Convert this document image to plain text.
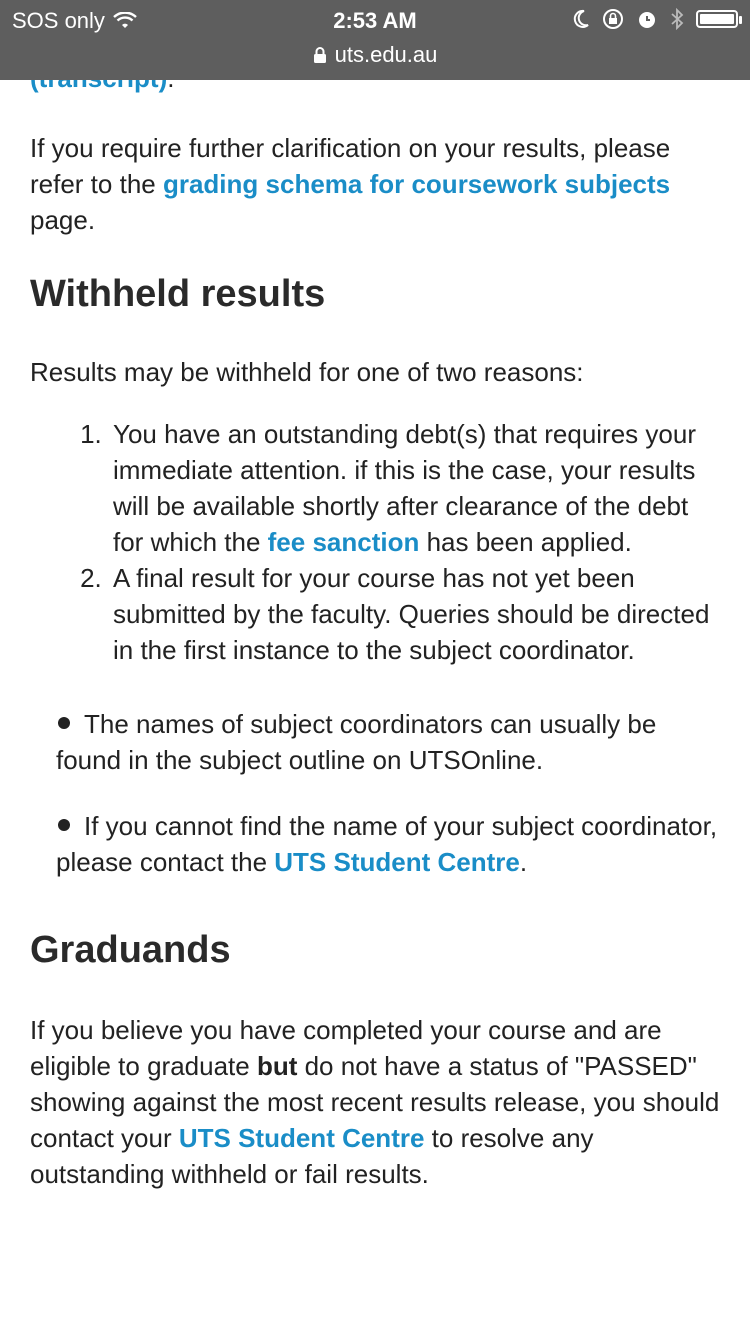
SOS only	2:53 AM
uts.edu.au

If you require further clarification on your results, please refer to the grading schema for coursework subjects page.

Withheld results

Results may be withheld for one of two reasons:

1. You have an outstanding debt(s) that requires your immediate attention. if this is the case, your results will be available shortly after clearance of the debt for which the fee sanction has been applied.
2. A final result for your course has not yet been submitted by the faculty. Queries should be directed in the first instance to the subject coordinator.
The names of subject coordinators can usually be found in the subject outline on UTSOnline.
If you cannot find the name of your subject coordinator, please contact the UTS Student Centre.
Graduands

If you believe you have completed your course and are eligible to graduate but do not have a status of "PASSED" showing against the most recent results release, you should contact your UTS Student Centre to resolve any outstanding withheld or fail results.
